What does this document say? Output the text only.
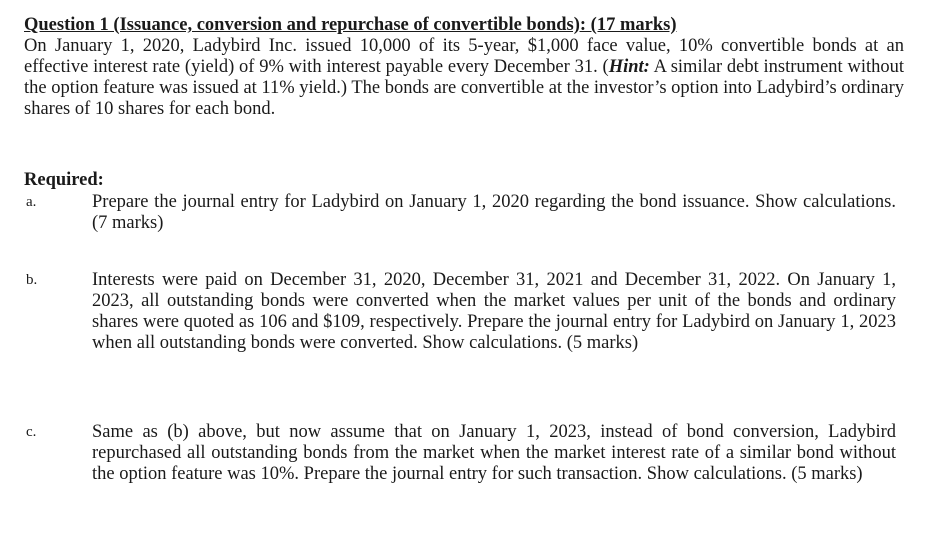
Question 1 (Issuance, conversion and repurchase of convertible bonds): (17 marks)

On January 1, 2020, Ladybird Inc. issued 10,000 of its 5-year, $1,000 face value, 10% convertible bonds at an effective interest rate (yield) of 9% with interest payable every December 31. (Hint: A similar debt instrument without the option feature was issued at 11% yield.) The bonds are convertible at the investor’s option into Ladybird’s ordinary shares of 10 shares for each bond.

Required:

a.	Prepare the journal entry for Ladybird on January 1, 2020 regarding the bond issuance. Show calculations. (7 marks)
b.	Interests were paid on December 31, 2020, December 31, 2021 and December 31, 2022. On January 1, 2023, all outstanding bonds were converted when the market values per unit of the bonds and ordinary shares were quoted as 106 and $109, respectively. Prepare the journal entry for Ladybird on January 1, 2023 when all outstanding bonds were converted. Show calculations. (5 marks)
c.	Same as (b) above, but now assume that on January 1, 2023, instead of bond conversion, Ladybird repurchased all outstanding bonds from the market when the market interest rate of a similar bond without the option feature was 10%. Prepare the journal entry for such transaction. Show calculations. (5 marks)
